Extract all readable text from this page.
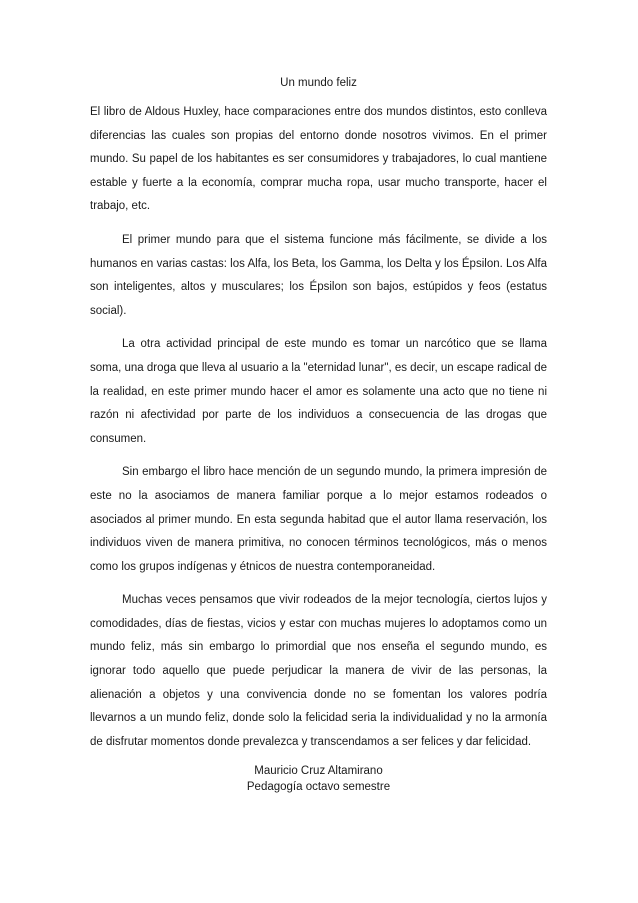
Un mundo feliz

El libro de Aldous Huxley, hace comparaciones entre dos mundos distintos, esto conlleva diferencias las cuales son propias del entorno donde nosotros vivimos. En el primer mundo. Su papel de los habitantes es ser consumidores y trabajadores, lo cual mantiene estable y fuerte a la economía, comprar mucha ropa, usar mucho transporte, hacer el trabajo, etc.

El primer mundo para que el sistema funcione más fácilmente, se divide a los humanos en varias castas: los Alfa, los Beta, los Gamma, los Delta y los Épsilon. Los Alfa son inteligentes, altos y musculares; los Épsilon son bajos, estúpidos y feos (estatus social).

La otra actividad principal de este mundo es tomar un narcótico que se llama soma, una droga que lleva al usuario a la "eternidad lunar", es decir, un escape radical de la realidad, en este primer mundo hacer el amor es solamente una acto que no tiene ni razón ni afectividad por parte de los individuos a consecuencia de las drogas que consumen.

Sin embargo el libro hace mención de un segundo mundo, la primera impresión de este no la asociamos de manera familiar porque a lo mejor estamos rodeados o asociados al primer mundo. En esta segunda habitad que el autor llama reservación, los individuos viven de manera primitiva, no conocen términos tecnológicos, más o menos como los grupos indígenas y étnicos de nuestra contemporaneidad.

Muchas veces pensamos que vivir rodeados de la mejor tecnología, ciertos lujos y comodidades, días de fiestas, vicios y estar con muchas mujeres lo adoptamos como un mundo feliz, más sin embargo lo primordial que nos enseña el segundo mundo, es ignorar todo aquello que puede perjudicar la manera de vivir de las personas, la alienación a objetos y una convivencia donde no se fomentan los valores podría llevarnos a un mundo feliz, donde solo la felicidad seria la individualidad y no la armonía de disfrutar momentos donde prevalezca y transcendamos a ser felices y dar felicidad.

Mauricio Cruz Altamirano
Pedagogía octavo semestre
